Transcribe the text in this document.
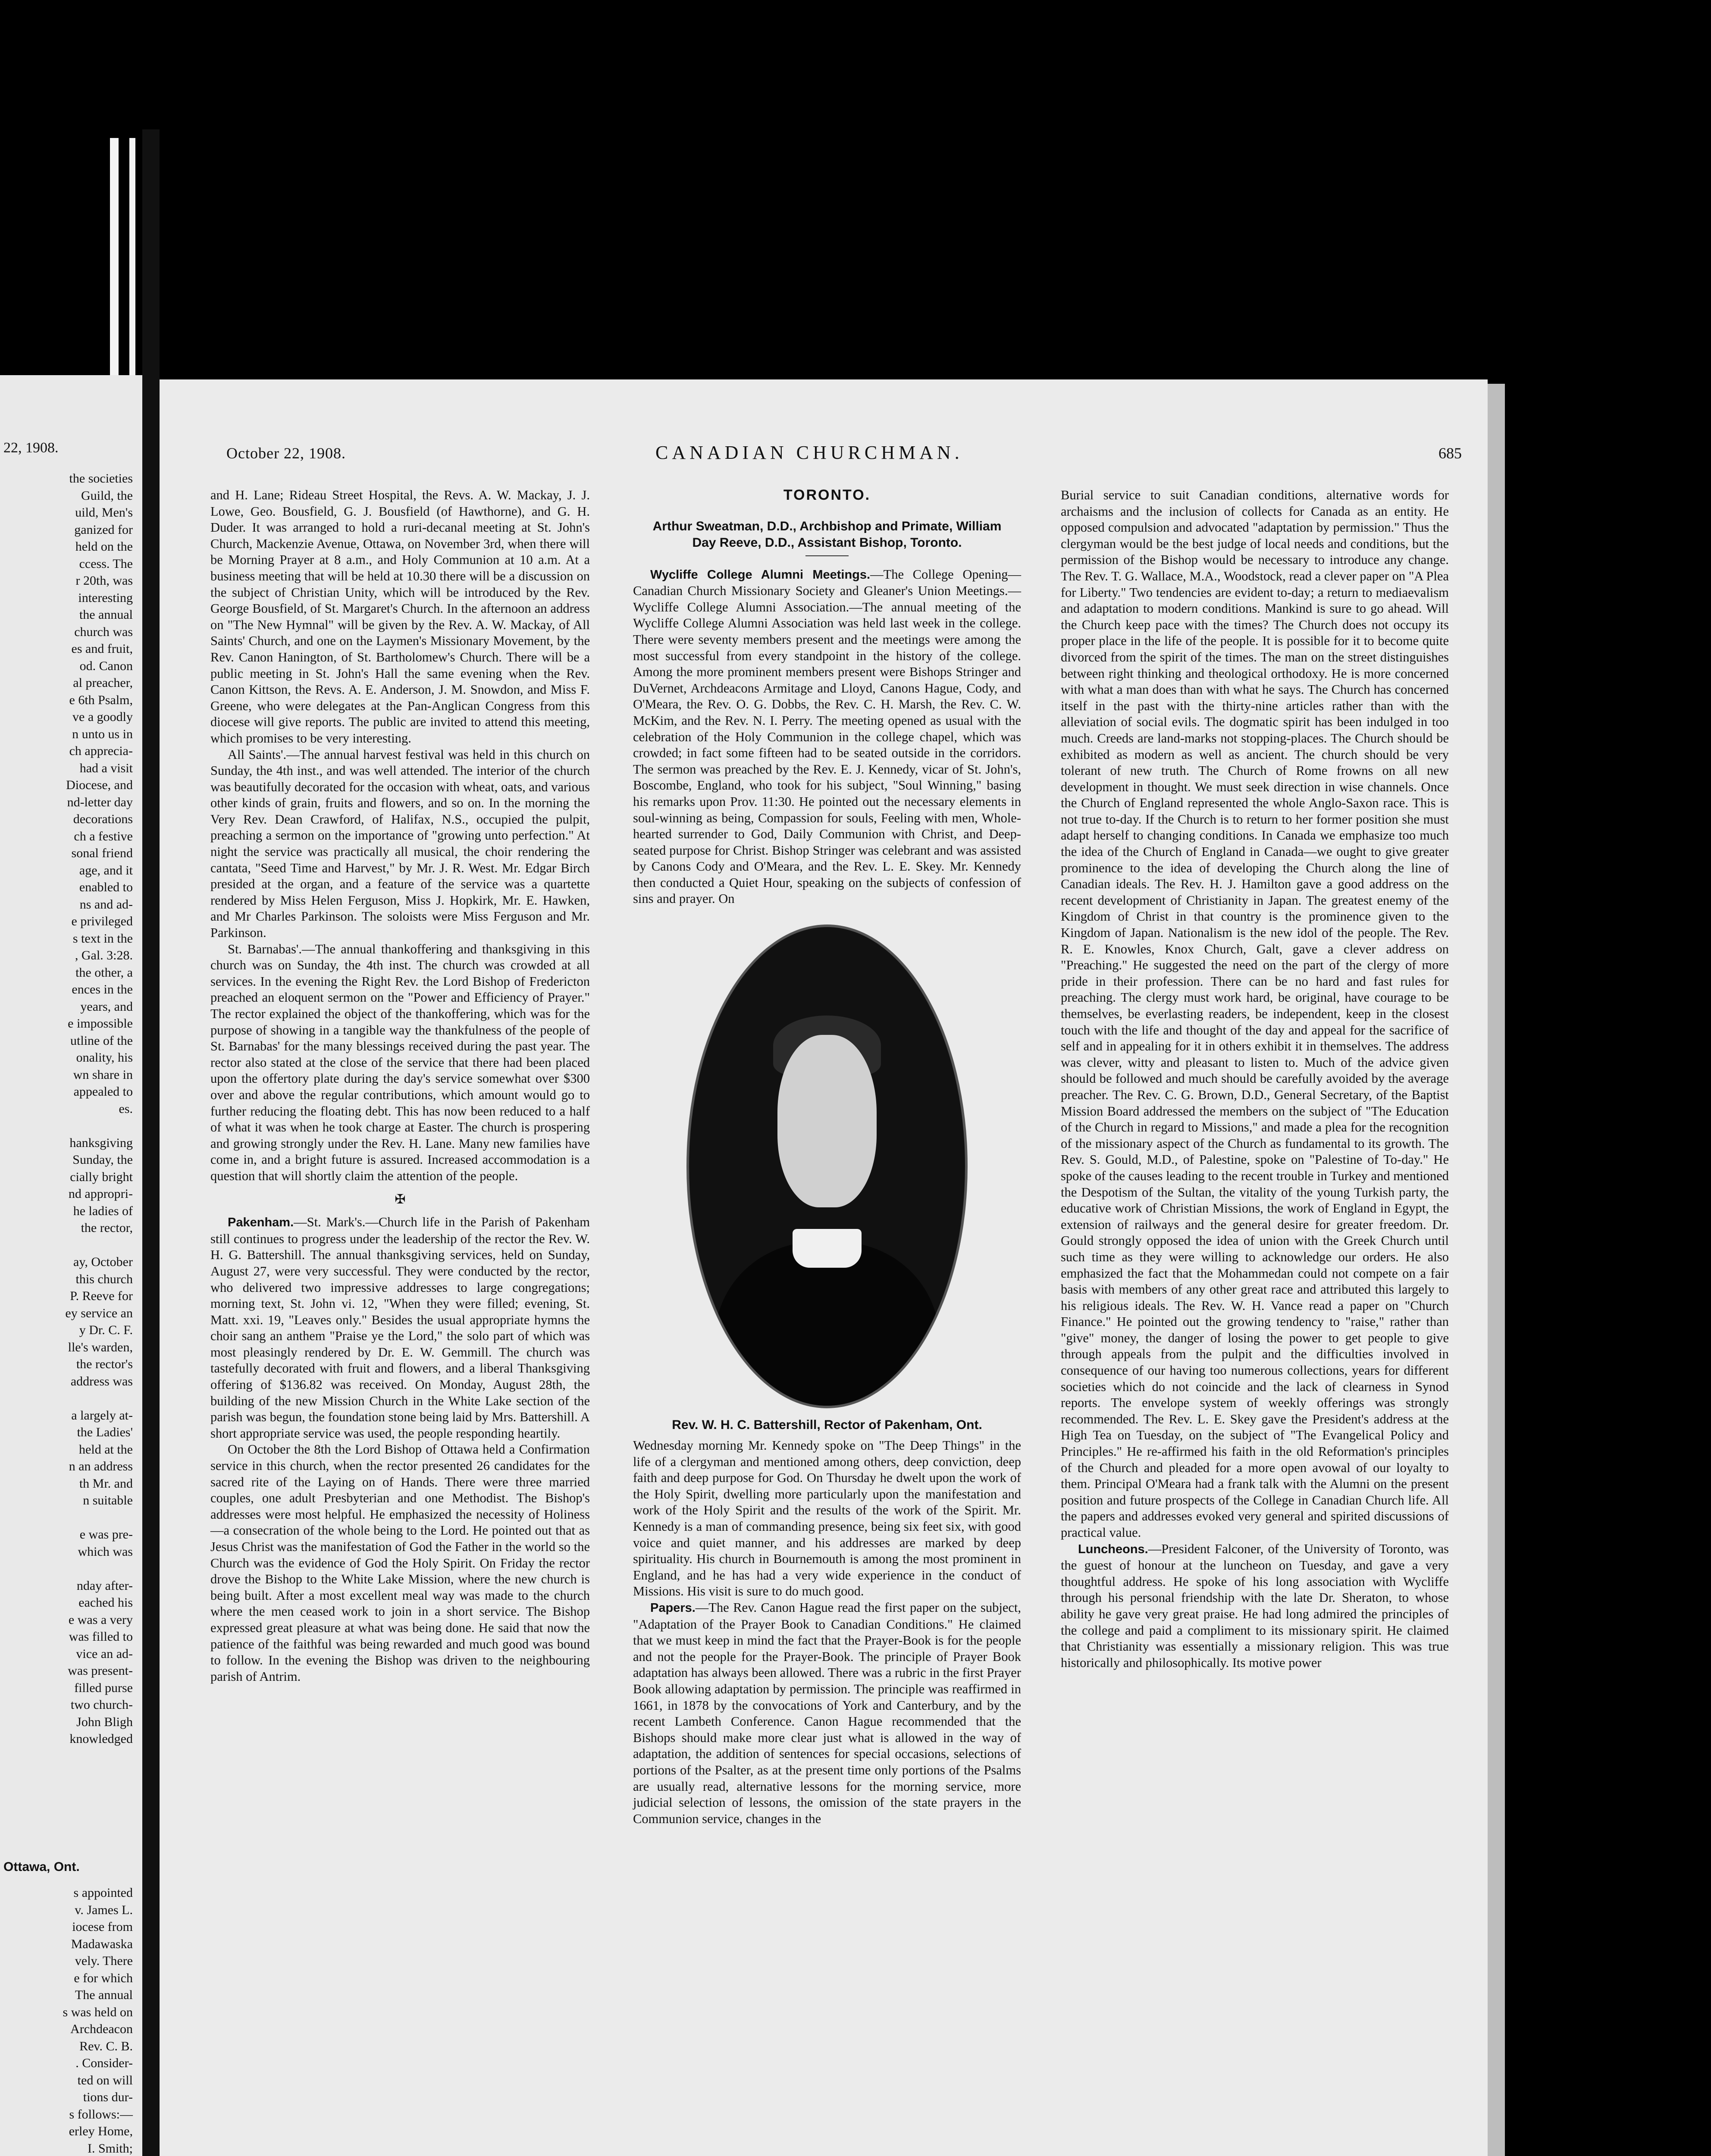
22, 1908.
the societies
Guild, the
uild, Men's
ganized for
held on the
ccess. The
r 20th, was
interesting
the annual
church was
es and fruit,
od. Canon
al preacher,
e 6th Psalm,
ve a goodly
n unto us in
ch apprecia-
had a visit
Diocese, and
nd-letter day
decorations
ch a festive
sonal friend
age, and it
enabled to
ns and ad-
e privileged
s text in the
, Gal. 3:28.
the other, a
ences in the
years, and
e impossible
utline of the
onality, his
wn share in
appealed to
es.

hanksgiving
Sunday, the
cially bright
nd appropri-
he ladies of
the rector,

ay, October
this church
P. Reeve for
ey service an
y Dr. C. F.
lle's warden,
the rector's
address was

a largely at-
the Ladies'
held at the
n an address
th Mr. and
n suitable

e was pre-
which was

nday after-
eached his
e was a very
was filled to
vice an ad-
was present-
filled purse
two church-
John Bligh
knowledged
Ottawa, Ont.
s appointed
v. James L.
iocese from
Madawaska
vely. There
e for which
The annual
s was held on
Archdeacon
Rev. C. B.
. Consider-
ted on will
tions dur-
s follows:—
erley Home,
I. Smith;

October 22, 1908.	CANADIAN CHURCHMAN.	685

and H. Lane; Rideau Street Hospital, the Revs. A. W. Mackay, J. J. Lowe, Geo. Bousfield, G. J. Bousfield (of Hawthorne), and G. H. Duder. It was arranged to hold a ruri-decanal meeting at St. John's Church, Mackenzie Avenue, Ottawa, on November 3rd, when there will be Morning Prayer at 8 a.m., and Holy Communion at 10 a.m. At a business meeting that will be held at 10.30 there will be a discussion on the subject of Christian Unity, which will be introduced by the Rev. George Bousfield, of St. Margaret's Church. In the afternoon an address on "The New Hymnal" will be given by the Rev. A. W. Mackay, of All Saints' Church, and one on the Laymen's Missionary Movement, by the Rev. Canon Hanington, of St. Bartholomew's Church. There will be a public meeting in St. John's Hall the same evening when the Rev. Canon Kittson, the Revs. A. E. Anderson, J. M. Snowdon, and Miss F. Greene, who were delegates at the Pan-Anglican Congress from this diocese will give reports. The public are invited to attend this meeting, which promises to be very interesting.

All Saints'.—The annual harvest festival was held in this church on Sunday, the 4th inst., and was well attended. The interior of the church was beautifully decorated for the occasion with wheat, oats, and various other kinds of grain, fruits and flowers, and so on. In the morning the Very Rev. Dean Crawford, of Halifax, N.S., occupied the pulpit, preaching a sermon on the importance of "growing unto perfection." At night the service was practically all musical, the choir rendering the cantata, "Seed Time and Harvest," by Mr. J. R. West. Mr. Edgar Birch presided at the organ, and a feature of the service was a quartette rendered by Miss Helen Ferguson, Miss J. Hopkirk, Mr. E. Hawken, and Mr Charles Parkinson. The soloists were Miss Ferguson and Mr. Parkinson.

St. Barnabas'.—The annual thankoffering and thanksgiving in this church was on Sunday, the 4th inst. The church was crowded at all services. In the evening the Right Rev. the Lord Bishop of Fredericton preached an eloquent sermon on the "Power and Efficiency of Prayer." The rector explained the object of the thankoffering, which was for the purpose of showing in a tangible way the thankfulness of the people of St. Barnabas' for the many blessings received during the past year. The rector also stated at the close of the service that there had been placed upon the offertory plate during the day's service somewhat over $300 over and above the regular contributions, which amount would go to further reducing the floating debt. This has now been reduced to a half of what it was when he took charge at Easter. The church is prospering and growing strongly under the Rev. H. Lane. Many new families have come in, and a bright future is assured. Increased accommodation is a question that will shortly claim the attention of the people.

✠

Pakenham.—St. Mark's.—Church life in the Parish of Pakenham still continues to progress under the leadership of the rector the Rev. W. H. G. Battershill. The annual thanksgiving services, held on Sunday, August 27, were very successful. They were conducted by the rector, who delivered two impressive addresses to large congregations; morning text, St. John vi. 12, "When they were filled; evening, St. Matt. xxi. 19, "Leaves only." Besides the usual appropriate hymns the choir sang an anthem "Praise ye the Lord," the solo part of which was most pleasingly rendered by Dr. E. W. Gemmill. The church was tastefully decorated with fruit and flowers, and a liberal Thanksgiving offering of $136.82 was received. On Monday, August 28th, the building of the new Mission Church in the White Lake section of the parish was begun, the foundation stone being laid by Mrs. Battershill. A short appropriate service was used, the people responding heartily.

On October the 8th the Lord Bishop of Ottawa held a Confirmation service in this church, when the rector presented 26 candidates for the sacred rite of the Laying on of Hands. There were three married couples, one adult Presbyterian and one Methodist. The Bishop's addresses were most helpful. He emphasized the necessity of Holiness—a consecration of the whole being to the Lord. He pointed out that as Jesus Christ was the manifestation of God the Father in the world so the Church was the evidence of God the Holy Spirit. On Friday the rector drove the Bishop to the White Lake Mission, where the new church is being built. After a most excellent meal way was made to the church where the men ceased work to join in a short service. The Bishop expressed great pleasure at what was being done. He said that now the patience of the faithful was being rewarded and much good was bound to follow. In the evening the Bishop was driven to the neighbouring parish of Antrim.

TORONTO.
Arthur Sweatman, D.D., Archbishop and Primate, William Day Reeve, D.D., Assistant Bishop, Toronto.

Wycliffe College Alumni Meetings.—The College Opening—Canadian Church Missionary Society and Gleaner's Union Meetings.—Wycliffe College Alumni Association.—The annual meeting of the Wycliffe College Alumni Association was held last week in the college. There were seventy members present and the meetings were among the most successful from every standpoint in the history of the college. Among the more prominent members present were Bishops Stringer and DuVernet, Archdeacons Armitage and Lloyd, Canons Hague, Cody, and O'Meara, the Rev. O. G. Dobbs, the Rev. C. H. Marsh, the Rev. C. W. McKim, and the Rev. N. I. Perry. The meeting opened as usual with the celebration of the Holy Communion in the college chapel, which was crowded; in fact some fifteen had to be seated outside in the corridors. The sermon was preached by the Rev. E. J. Kennedy, vicar of St. John's, Boscombe, England, who took for his subject, "Soul Winning," basing his remarks upon Prov. 11:30. He pointed out the necessary elements in soul-winning as being, Compassion for souls, Feeling with men, Whole-hearted surrender to God, Daily Communion with Christ, and Deep-seated purpose for Christ. Bishop Stringer was celebrant and was assisted by Canons Cody and O'Meara, and the Rev. L. E. Skey. Mr. Kennedy then conducted a Quiet Hour, speaking on the subjects of confession of sins and prayer. On

Rev. W. H. C. Battershill, Rector of Pakenham, Ont.

Wednesday morning Mr. Kennedy spoke on "The Deep Things" in the life of a clergyman and mentioned among others, deep conviction, deep faith and deep purpose for God. On Thursday he dwelt upon the work of the Holy Spirit, dwelling more particularly upon the manifestation and work of the Holy Spirit and the results of the work of the Spirit. Mr. Kennedy is a man of commanding presence, being six feet six, with good voice and quiet manner, and his addresses are marked by deep spirituality. His church in Bournemouth is among the most prominent in England, and he has had a very wide experience in the conduct of Missions. His visit is sure to do much good.

Papers.—The Rev. Canon Hague read the first paper on the subject, "Adaptation of the Prayer Book to Canadian Conditions." He claimed that we must keep in mind the fact that the Prayer-Book is for the people and not the people for the Prayer-Book. The principle of Prayer Book adaptation has always been allowed. There was a rubric in the first Prayer Book allowing adaptation by permission. The principle was reaffirmed in 1661, in 1878 by the convocations of York and Canterbury, and by the recent Lambeth Conference. Canon Hague recommended that the Bishops should make more clear just what is allowed in the way of adaptation, the addition of sentences for special occasions, selections of portions of the Psalter, as at the present time only portions of the Psalms are usually read, alternative lessons for the morning service, more judicial selection of lessons, the omission of the state prayers in the Communion service, changes in the

Burial service to suit Canadian conditions, alternative words for archaisms and the inclusion of collects for Canada as an entity. He opposed compulsion and advocated "adaptation by permission." Thus the clergyman would be the best judge of local needs and conditions, but the permission of the Bishop would be necessary to introduce any change. The Rev. T. G. Wallace, M.A., Woodstock, read a clever paper on "A Plea for Liberty." Two tendencies are evident to-day; a return to mediaevalism and adaptation to modern conditions. Mankind is sure to go ahead. Will the Church keep pace with the times? The Church does not occupy its proper place in the life of the people. It is possible for it to become quite divorced from the spirit of the times. The man on the street distinguishes between right thinking and theological orthodoxy. He is more concerned with what a man does than with what he says. The Church has concerned itself in the past with the thirty-nine articles rather than with the alleviation of social evils. The dogmatic spirit has been indulged in too much. Creeds are land-marks not stopping-places. The Church should be exhibited as modern as well as ancient. The church should be very tolerant of new truth. The Church of Rome frowns on all new development in thought. We must seek direction in wise channels. Once the Church of England represented the whole Anglo-Saxon race. This is not true to-day. If the Church is to return to her former position she must adapt herself to changing conditions. In Canada we emphasize too much the idea of the Church of England in Canada—we ought to give greater prominence to the idea of developing the Church along the line of Canadian ideals. The Rev. H. J. Hamilton gave a good address on the recent development of Christianity in Japan. The greatest enemy of the Kingdom of Christ in that country is the prominence given to the Kingdom of Japan. Nationalism is the new idol of the people. The Rev. R. E. Knowles, Knox Church, Galt, gave a clever address on "Preaching." He suggested the need on the part of the clergy of more pride in their profession. There can be no hard and fast rules for preaching. The clergy must work hard, be original, have courage to be themselves, be everlasting readers, be independent, keep in the closest touch with the life and thought of the day and appeal for the sacrifice of self and in appealing for it in others exhibit it in themselves. The address was clever, witty and pleasant to listen to. Much of the advice given should be followed and much should be carefully avoided by the average preacher. The Rev. C. G. Brown, D.D., General Secretary, of the Baptist Mission Board addressed the members on the subject of "The Education of the Church in regard to Missions," and made a plea for the recognition of the missionary aspect of the Church as fundamental to its growth. The Rev. S. Gould, M.D., of Palestine, spoke on "Palestine of To-day." He spoke of the causes leading to the recent trouble in Turkey and mentioned the Despotism of the Sultan, the vitality of the young Turkish party, the educative work of Christian Missions, the work of England in Egypt, the extension of railways and the general desire for greater freedom. Dr. Gould strongly opposed the idea of union with the Greek Church until such time as they were willing to acknowledge our orders. He also emphasized the fact that the Mohammedan could not compete on a fair basis with members of any other great race and attributed this largely to his religious ideals. The Rev. W. H. Vance read a paper on "Church Finance." He pointed out the growing tendency to "raise," rather than "give" money, the danger of losing the power to get people to give through appeals from the pulpit and the difficulties involved in consequence of our having too numerous collections, years for different societies which do not coincide and the lack of clearness in Synod reports. The envelope system of weekly offerings was strongly recommended. The Rev. L. E. Skey gave the President's address at the High Tea on Tuesday, on the subject of "The Evangelical Policy and Principles." He re-affirmed his faith in the old Reformation's principles of the Church and pleaded for a more open avowal of our loyalty to them. Principal O'Meara had a frank talk with the Alumni on the present position and future prospects of the College in Canadian Church life. All the papers and addresses evoked very general and spirited discussions of practical value.

Luncheons.—President Falconer, of the University of Toronto, was the guest of honour at the luncheon on Tuesday, and gave a very thoughtful address. He spoke of his long association with Wycliffe through his personal friendship with the late Dr. Sheraton, to whose ability he gave very great praise. He had long admired the principles of the college and paid a compliment to its missionary spirit. He claimed that Christianity was essentially a missionary religion. This was true historically and philosophically. Its motive power
